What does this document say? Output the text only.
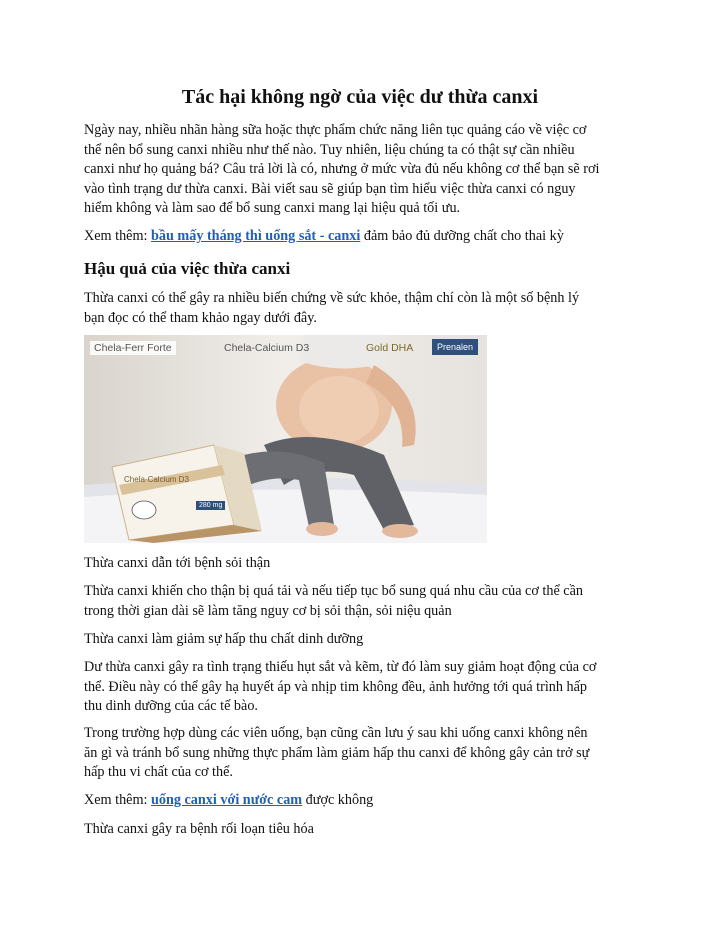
Tác hại không ngờ của việc dư thừa canxi
Ngày nay, nhiều nhãn hàng sữa hoặc thực phẩm chức năng liên tục quảng cáo về việc cơ
thể nên bổ sung canxi nhiều như thế nào. Tuy nhiên, liệu chúng ta có thật sự cần nhiều
canxi như họ quảng bá? Câu trả lời là có, nhưng ở mức vừa đủ nếu không cơ thể bạn sẽ rơi
vào tình trạng dư thừa canxi. Bài viết sau sẽ giúp bạn tìm hiểu việc thừa canxi có nguy
hiểm không và làm sao để bổ sung canxi mang lại hiệu quả tối ưu.
Xem thêm: bầu mấy tháng thì uống sắt - canxi đảm bảo đủ dưỡng chất cho thai kỳ
Hậu quả của việc thừa canxi
Thừa canxi có thể gây ra nhiều biến chứng về sức khỏe, thậm chí còn là một số bệnh lý
bạn đọc có thể tham khảo ngay dưới đây.
Chela-Ferr Forte	Chela-Calcium D3	Gold DHA	Prenalen
Chela-Calcium D3
280 mg
Thừa canxi dẫn tới bệnh sỏi thận
Thừa canxi khiến cho thận bị quá tải và nếu tiếp tục bổ sung quá nhu cầu của cơ thể cần
trong thời gian dài sẽ làm tăng nguy cơ bị sỏi thận, sỏi niệu quản
Thừa canxi làm giảm sự hấp thu chất dinh dưỡng
Dư thừa canxi gây ra tình trạng thiếu hụt sắt và kẽm, từ đó làm suy giảm hoạt động của cơ
thể. Điều này có thể gây hạ huyết áp và nhịp tim không đều, ảnh hưởng tới quá trình hấp
thu dinh dưỡng của các tế bào.
Trong trường hợp dùng các viên uống, bạn cũng cần lưu ý sau khi uống canxi không nên
ăn gì và tránh bổ sung những thực phẩm làm giảm hấp thu canxi để không gây cản trở sự
hấp thu vi chất của cơ thể.
Xem thêm: uống canxi với nước cam được không
Thừa canxi gây ra bệnh rối loạn tiêu hóa
